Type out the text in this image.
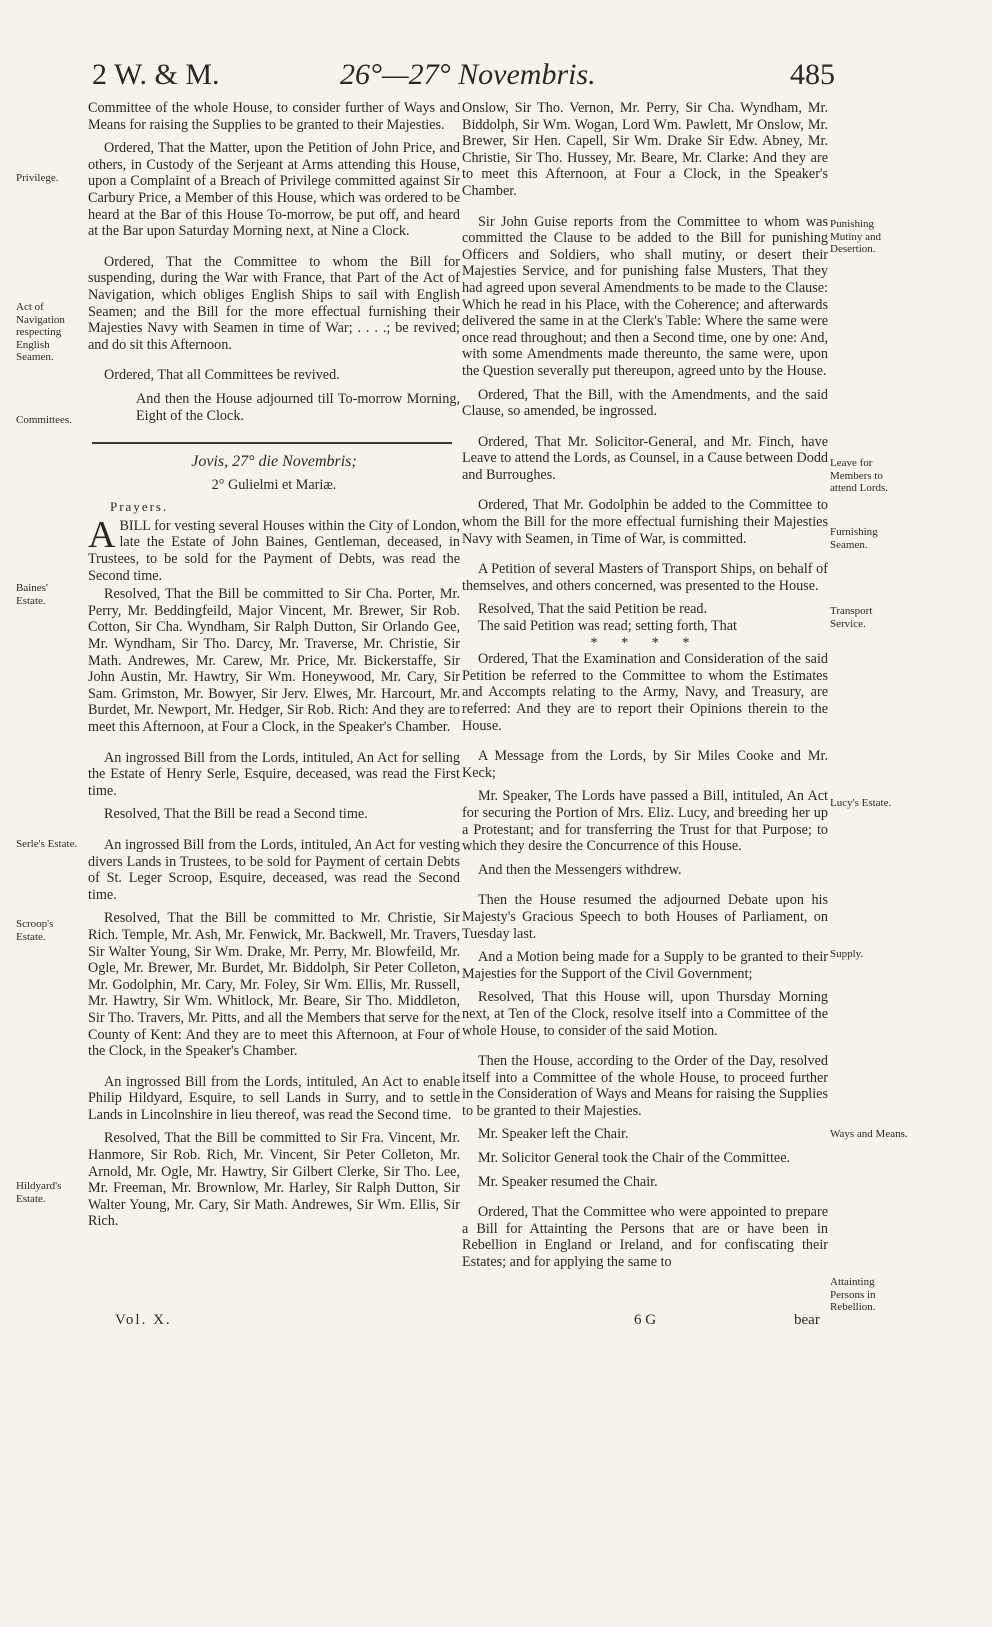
2 W. & M.	26°—27° Novembris.	485
Privilege.
Act of Navigation respecting English Seamen.
Committees.
Baines' Estate.
Serle's Estate.
Scroop's Estate.
Hildyard's Estate.
Punishing Mutiny and Desertion.
Leave for Members to attend Lords.
Furnishing Seamen.
Transport Service.
Lucy's Estate.
Supply.
Ways and Means.
Attainting Persons in Rebellion.

Committee of the whole House, to consider further of Ways and Means for raising the Supplies to be granted to their Majesties.

Ordered, That the Matter, upon the Petition of John Price, and others, in Custody of the Serjeant at Arms attending this House, upon a Complaint of a Breach of Privilege committed against Sir Carbury Price, a Member of this House, which was ordered to be heard at the Bar of this House To-morrow, be put off, and heard at the Bar upon Saturday Morning next, at Nine a Clock.

Ordered, That the Committee to whom the Bill for suspending, during the War with France, that Part of the Act of Navigation, which obliges English Ships to sail with English Seamen; and the Bill for the more effectual furnishing their Majesties Navy with Seamen in time of War; . . . .; be revived; and do sit this Afternoon.

Ordered, That all Committees be revived.

And then the House adjourned till To-morrow Morning, Eight of the Clock.

Jovis, 27° die Novembris;

2° Gulielmi et Mariæ.

Prayers.

A BILL for vesting several Houses within the City of London, late the Estate of John Baines, Gentleman, deceased, in Trustees, to be sold for the Payment of Debts, was read the Second time.

Resolved, That the Bill be committed to Sir Cha. Porter, Mr. Perry, Mr. Beddingfeild, Major Vincent, Mr. Brewer, Sir Rob. Cotton, Sir Cha. Wyndham, Sir Ralph Dutton, Sir Orlando Gee, Mr. Wyndham, Sir Tho. Darcy, Mr. Traverse, Mr. Christie, Sir Math. Andrewes, Mr. Carew, Mr. Price, Mr. Bickerstaffe, Sir John Austin, Mr. Hawtry, Sir Wm. Honeywood, Mr. Cary, Sir Sam. Grimston, Mr. Bowyer, Sir Jerv. Elwes, Mr. Harcourt, Mr. Burdet, Mr. Newport, Mr. Hedger, Sir Rob. Rich: And they are to meet this Afternoon, at Four a Clock, in the Speaker's Chamber.

An ingrossed Bill from the Lords, intituled, An Act for selling the Estate of Henry Serle, Esquire, deceased, was read the First time.

Resolved, That the Bill be read a Second time.

An ingrossed Bill from the Lords, intituled, An Act for vesting divers Lands in Trustees, to be sold for Payment of certain Debts of St. Leger Scroop, Esquire, deceased, was read the Second time.

Resolved, That the Bill be committed to Mr. Christie, Sir Rich. Temple, Mr. Ash, Mr. Fenwick, Mr. Backwell, Mr. Travers, Sir Walter Young, Sir Wm. Drake, Mr. Perry, Mr. Blowfeild, Mr. Ogle, Mr. Brewer, Mr. Burdet, Mr. Biddolph, Sir Peter Colleton, Mr. Godolphin, Mr. Cary, Mr. Foley, Sir Wm. Ellis, Mr. Russell, Mr. Hawtry, Sir Wm. Whitlock, Mr. Beare, Sir Tho. Middleton, Sir Tho. Travers, Mr. Pitts, and all the Members that serve for the County of Kent: And they are to meet this Afternoon, at Four of the Clock, in the Speaker's Chamber.

An ingrossed Bill from the Lords, intituled, An Act to enable Philip Hildyard, Esquire, to sell Lands in Surry, and to settle Lands in Lincolnshire in lieu thereof, was read the Second time.

Resolved, That the Bill be committed to Sir Fra. Vincent, Mr. Hanmore, Sir Rob. Rich, Mr. Vincent, Sir Peter Colleton, Mr. Arnold, Mr. Ogle, Mr. Hawtry, Sir Gilbert Clerke, Sir Tho. Lee, Mr. Freeman, Mr. Brownlow, Mr. Harley, Sir Ralph Dutton, Sir Walter Young, Mr. Cary, Sir Math. Andrewes, Sir Wm. Ellis, Sir Rich.

Onslow, Sir Tho. Vernon, Mr. Perry, Sir Cha. Wyndham, Mr. Biddolph, Sir Wm. Wogan, Lord Wm. Pawlett, Mr Onslow, Mr. Brewer, Sir Hen. Capell, Sir Wm. Drake Sir Edw. Abney, Mr. Christie, Sir Tho. Hussey, Mr. Beare, Mr. Clarke: And they are to meet this Afternoon, at Four a Clock, in the Speaker's Chamber.

Sir John Guise reports from the Committee to whom was committed the Clause to be added to the Bill for punishing Officers and Soldiers, who shall mutiny, or desert their Majesties Service, and for punishing false Musters, That they had agreed upon several Amendments to be made to the Clause: Which he read in his Place, with the Coherence; and afterwards delivered the same in at the Clerk's Table: Where the same were once read throughout; and then a Second time, one by one: And, with some Amendments made thereunto, the same were, upon the Question severally put thereupon, agreed unto by the House.

Ordered, That the Bill, with the Amendments, and the said Clause, so amended, be ingrossed.

Ordered, That Mr. Solicitor-General, and Mr. Finch, have Leave to attend the Lords, as Counsel, in a Cause between Dodd and Burroughes.

Ordered, That Mr. Godolphin be added to the Committee to whom the Bill for the more effectual furnishing their Majesties Navy with Seamen, in Time of War, is committed.

A Petition of several Masters of Transport Ships, on behalf of themselves, and others concerned, was presented to the House.

Resolved, That the said Petition be read.

The said Petition was read; setting forth, That

* * * *

Ordered, That the Examination and Consideration of the said Petition be referred to the Committee to whom the Estimates and Accompts relating to the Army, Navy, and Treasury, are referred: And they are to report their Opinions therein to the House.

A Message from the Lords, by Sir Miles Cooke and Mr. Keck;

Mr. Speaker, The Lords have passed a Bill, intituled, An Act for securing the Portion of Mrs. Eliz. Lucy, and breeding her up a Protestant; and for transferring the Trust for that Purpose; to which they desire the Concurrence of this House.

And then the Messengers withdrew.

Then the House resumed the adjourned Debate upon his Majesty's Gracious Speech to both Houses of Parliament, on Tuesday last.

And a Motion being made for a Supply to be granted to their Majesties for the Support of the Civil Government;

Resolved, That this House will, upon Thursday Morning next, at Ten of the Clock, resolve itself into a Committee of the whole House, to consider of the said Motion.

Then the House, according to the Order of the Day, resolved itself into a Committee of the whole House, to proceed further in the Consideration of Ways and Means for raising the Supplies to be granted to their Majesties.

Mr. Speaker left the Chair.

Mr. Solicitor General took the Chair of the Committee.

Mr. Speaker resumed the Chair.

Ordered, That the Committee who were appointed to prepare a Bill for Attainting the Persons that are or have been in Rebellion in England or Ireland, and for confiscating their Estates; and for applying the same to

Vol. X.	6 G	bear
